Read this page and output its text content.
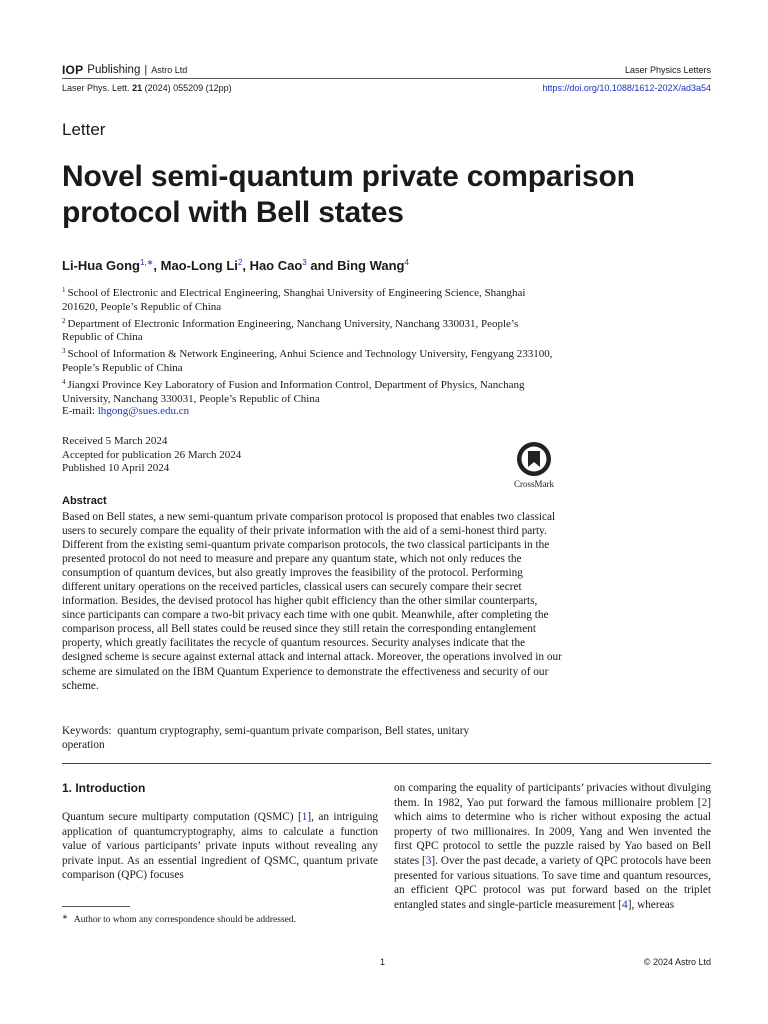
IOP Publishing | Astro Ltd	Laser Physics Letters
Laser Phys. Lett. 21 (2024) 055209 (12pp)	https://doi.org/10.1088/1612-202X/ad3a54
Letter
Novel semi-quantum private comparison protocol with Bell states
Li-Hua Gong$^{1,∗}$, Mao-Long Li$^2$, Hao Cao$^3$ and Bing Wang$^4$
$^1$ School of Electronic and Electrical Engineering, Shanghai University of Engineering Science, Shanghai 201620, People’s Republic of China
$^2$ Department of Electronic Information Engineering, Nanchang University, Nanchang 330031, People’s Republic of China
$^3$ School of Information & Network Engineering, Anhui Science and Technology University, Fengyang 233100, People’s Republic of China
$^4$ Jiangxi Province Key Laboratory of Fusion and Information Control, Department of Physics, Nanchang University, Nanchang 330031, People’s Republic of China
E-mail: lhgong@sues.edu.cn
Received 5 March 2024
Accepted for publication 26 March 2024
Published 10 April 2024
CrossMark
Abstract
Based on Bell states, a new semi-quantum private comparison protocol is proposed that enables two classical users to securely compare the equality of their private information with the aid of a semi-honest third party. Different from the existing semi-quantum private comparison protocols, the two classical participants in the presented protocol do not need to measure and prepare any quantum state, which not only reduces the consumption of quantum devices, but also greatly improves the feasibility of the protocol. Performing different unitary operations on the received particles, classical users can securely compare their secret information. Besides, the devised protocol has higher qubit efficiency than the other similar counterparts, since participants can compare a two-bit privacy each time with one qubit. Meanwhile, after completing the comparison process, all Bell states could be reused since they still retain the corresponding entanglement property, which greatly facilitates the recycle of quantum resources. Security analyses indicate that the designed scheme is secure against external attack and internal attack. Moreover, the operations involved in our scheme are simulated on the IBM Quantum Experience to demonstrate the effectiveness and security of our scheme.
Keywords: quantum cryptography, semi-quantum private comparison, Bell states, unitary operation
1. Introduction
Quantum secure multiparty computation (QSMC) [1], an intriguing application of quantumcryptography, aims to calculate a function value of various participants’ private inputs without revealing any private input. As an essential ingredient of QSMC, quantum private comparison (QPC) focuses
on comparing the equality of participants’ privacies without divulging them. In 1982, Yao put forward the famous millionaire problem [2] which aims to determine who is richer without exposing the actual property of two millionaires. In 2009, Yang and Wen invented the first QPC protocol to settle the puzzle raised by Yao based on Bell states [3]. Over the past decade, a variety of QPC protocols have been presented for various situations. To save time and quantum resources, an efficient QPC protocol was put forward based on the triplet entangled states and single-particle measurement [4], whereas
∗ Author to whom any correspondence should be addressed.
1	© 2024 Astro Ltd
